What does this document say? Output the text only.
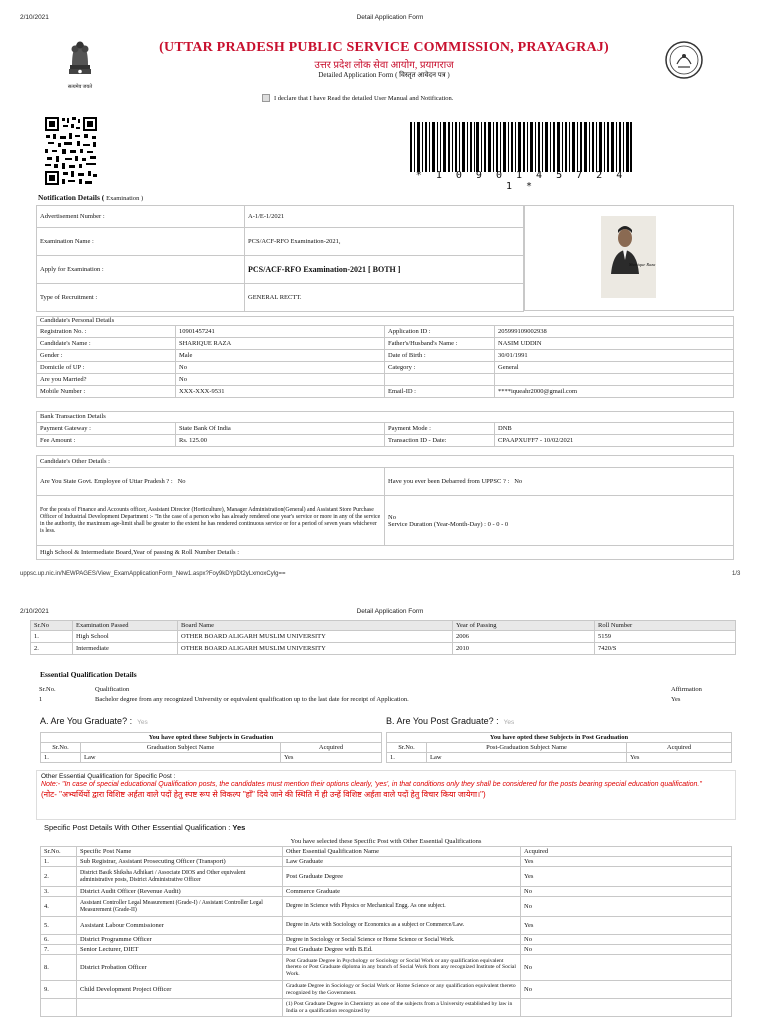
2/10/2021	Detail Application Form
सत्यमेव जयते
(UTTAR PRADESH PUBLIC SERVICE COMMISSION, PRAYAGRAJ)
उत्तर प्रदेश लोक सेवा आयोग, प्रयागराज
Detailed Application Form ( विस्तृत आवेदन पत्र )
I declare that I have Read the detailed User Manual and Notification.
* 1 0 9 0 1 4 5 7 2 4 1 *
Notification Details ( Examination )
Advertisement Number :	A-1/E-1/2021
Examination Name :	PCS/ACF-RFO Examination-2021,
Apply for Examination :	PCS/ACF-RFO Examination-2021 [ BOTH ]
Type of Recruitment :	GENERAL RECTT.
Sharique Raza
Candidate's Personal Details
Registration No. :	10901457241	Application ID :	205999109002938
Candidate's Name :	SHARIQUE RAZA	Father's/Husband's Name :	NASIM UDDIN
Gender :	Male	Date of Birth :	30/01/1991
Domicile of UP :	No	Category :	General
Are you Married?	No		
Mobile Number :	XXX-XXX-9531	Email-ID :	****iqueahr2000@gmail.com
Bank Transaction Details
Payment Gateway :	State Bank Of India	Payment Mode :	DNB
Fee Amount :	Rs. 125.00	Transaction ID - Date:	CPAAPXUFF7 - 10/02/2021
Candidate's Other Details :
Are You State Govt. Employee of Uttar Pradesh ? : No	Have you ever been Debarred from UPPSC ? : No
For the posts of Finance and Accounts officer, Assistant Director (Horticulture), Manager Administration(General) and Assistant Store Purchase Officer of Industrial Development Department :- "In the case of a person who has already rendered one year's service or more in any of the service in the authority, the maximum age-limit shall be greater to the extent he has rendered continuous service or for a period of seven years whichever is less.	No
Service Duration (Year-Month-Day) : 0 - 0 - 0

High School & Intermediate Board,Year of passing & Roll Number Details :	
uppsc.up.nic.in/NEWPAGES/View_ExamApplicationForm_New1.aspx?Foy9kDYpDt2yLxmoxCylg==	1/3
2/10/2021	Detail Application Form
Sr.No	Examination Passed	Board Name	Year of Passing	Roll Number
1.	High School	OTHER BOARD ALIGARH MUSLIM UNIVERSITY	2006	5159
2.	Intermediate	OTHER BOARD ALIGARH MUSLIM UNIVERSITY	2010	7420/S
Essential Qualification Details
Sr.No.	Qualification	Affirmation
1	Bachelor degree from any recognized University or equivalent qualification up to the last date for receipt of Application.	Yes
A. Are You Graduate? : Yes	B. Are You Post Graduate? : Yes
You have opted these Subjects in Graduation		
Sr.No.	Graduation Subject Name	Acquired
1.	Law	Yes
You have opted these Subjects in Post Graduation		
Sr.No.	Post-Graduation Subject Name	Acquired
1.	Law	Yes
Other Essential Qualification for Specific Post :
Note:- "In case of special educational Qualification posts, the candidates must mention their options clearly, 'yes', in that conditions only they shall be considered for the posts bearing special education qualification."
(नोट- "अभ्यर्थियों द्वारा विशिष्ट अर्हता वाले पदों हेतु स्पष्ट रूप से विकल्प "हाँ" दिये जाने की स्थिति में ही उन्हें विशिष्ट अर्हता वाले पदों हेतु विचार किया जायेगा।")
Specific Post Details With Other Essential Qualification : Yes
You have selected these Specific Post with Other Essential Qualifications
Sr.No.	Specific Post Name	Other Essential Qualification Name	Acquired
1.	Sub Registrar, Assistant Prosecuting Officer (Transport)	Law Graduate	Yes
2.	District Basik Shiksha Adhikari / Associate DIOS and Other equivalent administrative posts, District Administrative Officer	Post Graduate Degree	Yes
3.	District Audit Officer (Revenue Audit)	Commerce Graduate	No
4.	Assistant Controller Legal Measurement (Grade-I) / Assistant Controller Legal Measurement (Grade-II)	Degree in Science with Physics or Mechanical Engg. As one subject.	No
5.	Assistant Labour Commissioner	Degree in Arts with Sociology or Economics as a subject or Commerce/Law.	Yes
6.	District Programme Officer	Degree in Sociology or Social Science or Home Science or Social Work.	No
7.	Senior Lecturer, DIET	Post Graduate Degree with B.Ed.	No
8.	District Probation Officer	Post Graduate Degree in Psychology or Sociology or Social Work or any qualification equivalent thereto or Post Graduate diploma in any branch of Social Work from any recognized Institute of Social Work.	No
9.	Child Development Project Officer	Graduate Degree in Sociology or Social Work or Home Science or any qualification equivalent thereto recognized by the Government.	No
		(1) Post Graduate Degree in Chemistry as one of the subjects from a University established by law in India or a qualification recognized by	
